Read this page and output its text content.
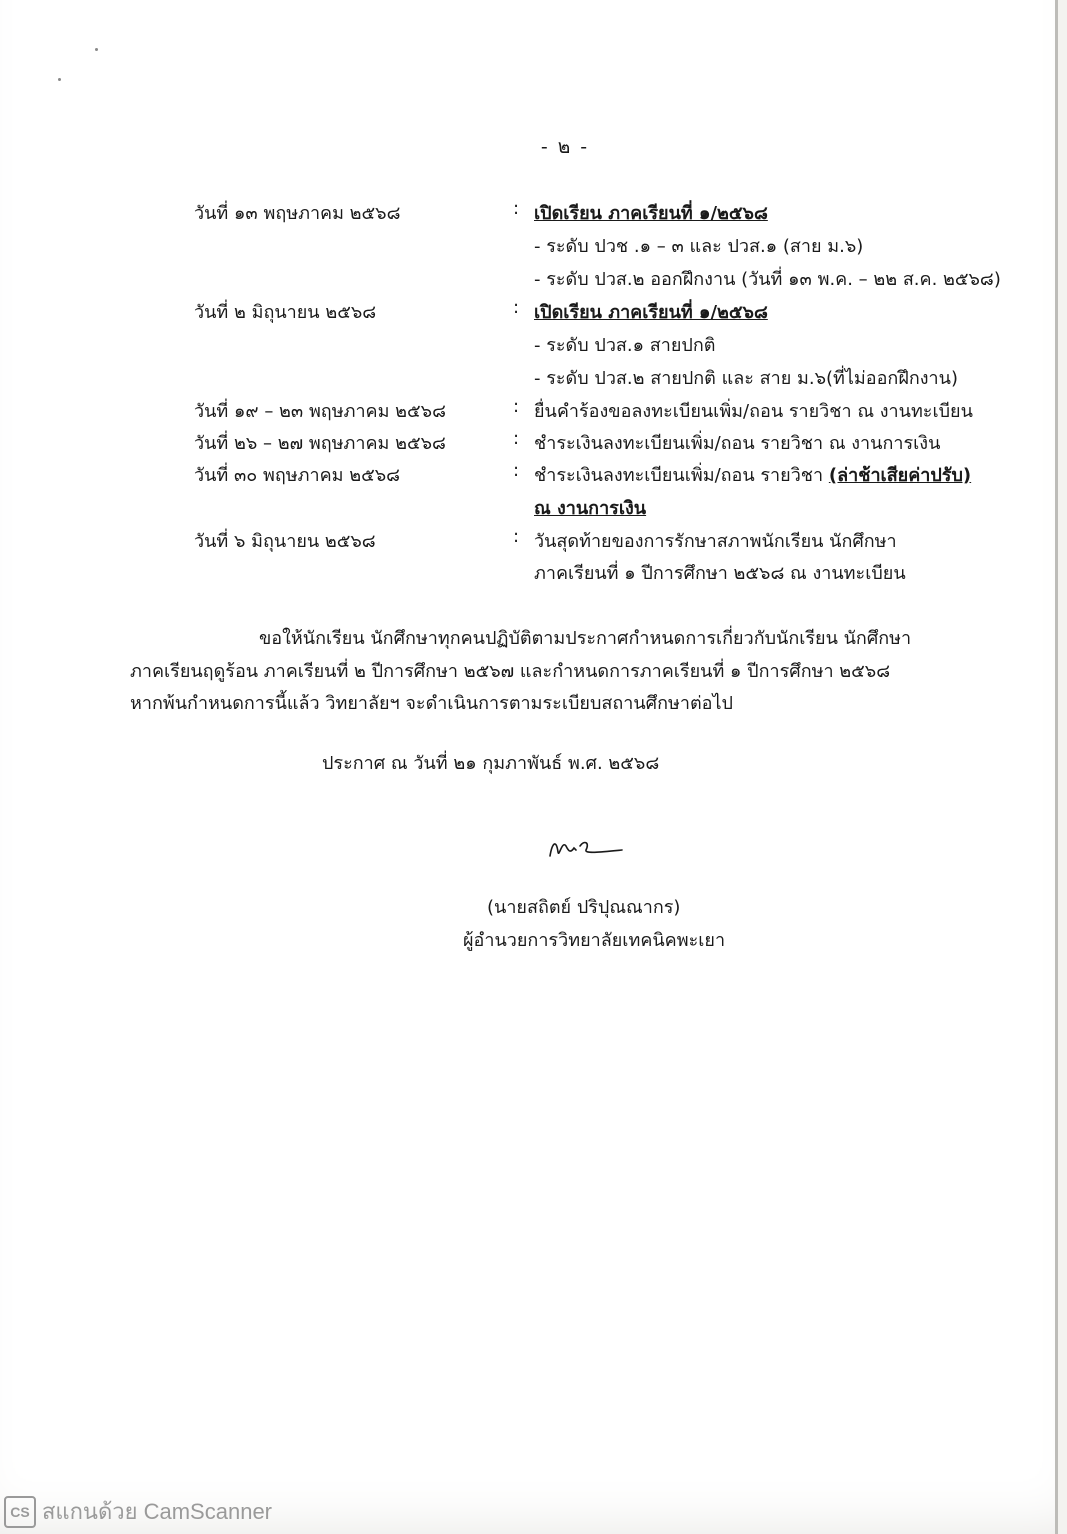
- ๒ -
วันที่ ๑๓ พฤษภาคม ๒๕๖๘	: เปิดเรียน ภาคเรียนที่ ๑/๒๕๖๘
- ระดับ ปวช .๑ – ๓ และ ปวส.๑ (สาย ม.๖)
- ระดับ ปวส.๒ ออกฝึกงาน (วันที่ ๑๓ พ.ค. – ๒๒ ส.ค. ๒๕๖๘)
วันที่ ๒ มิถุนายน ๒๕๖๘	: เปิดเรียน ภาคเรียนที่ ๑/๒๕๖๘
- ระดับ ปวส.๑ สายปกติ
- ระดับ ปวส.๒ สายปกติ และ สาย ม.๖(ที่ไม่ออกฝึกงาน)
วันที่ ๑๙ – ๒๓ พฤษภาคม ๒๕๖๘	: ยื่นคำร้องขอลงทะเบียนเพิ่ม/ถอน รายวิชา ณ งานทะเบียน
วันที่ ๒๖ – ๒๗ พฤษภาคม ๒๕๖๘	: ชำระเงินลงทะเบียนเพิ่ม/ถอน รายวิชา ณ งานการเงิน
วันที่ ๓๐ พฤษภาคม ๒๕๖๘	: ชำระเงินลงทะเบียนเพิ่ม/ถอน รายวิชา (ล่าช้าเสียค่าปรับ)
ณ งานการเงิน
วันที่ ๖ มิถุนายน ๒๕๖๘	: วันสุดท้ายของการรักษาสภาพนักเรียน นักศึกษา
ภาคเรียนที่ ๑ ปีการศึกษา ๒๕๖๘ ณ งานทะเบียน
ขอให้นักเรียน นักศึกษาทุกคนปฏิบัติตามประกาศกำหนดการเกี่ยวกับนักเรียน นักศึกษา
ภาคเรียนฤดูร้อน ภาคเรียนที่ ๒ ปีการศึกษา ๒๕๖๗ และกำหนดการภาคเรียนที่ ๑ ปีการศึกษา ๒๕๖๘
หากพ้นกำหนดการนี้แล้ว วิทยาลัยฯ จะดำเนินการตามระเบียบสถานศึกษาต่อไป
ประกาศ ณ วันที่ ๒๑ กุมภาพันธ์ พ.ศ. ๒๕๖๘
(นายสถิตย์ ปริปุณณากร)
ผู้อำนวยการวิทยาลัยเทคนิคพะเยา
CS สแกนด้วย CamScanner
